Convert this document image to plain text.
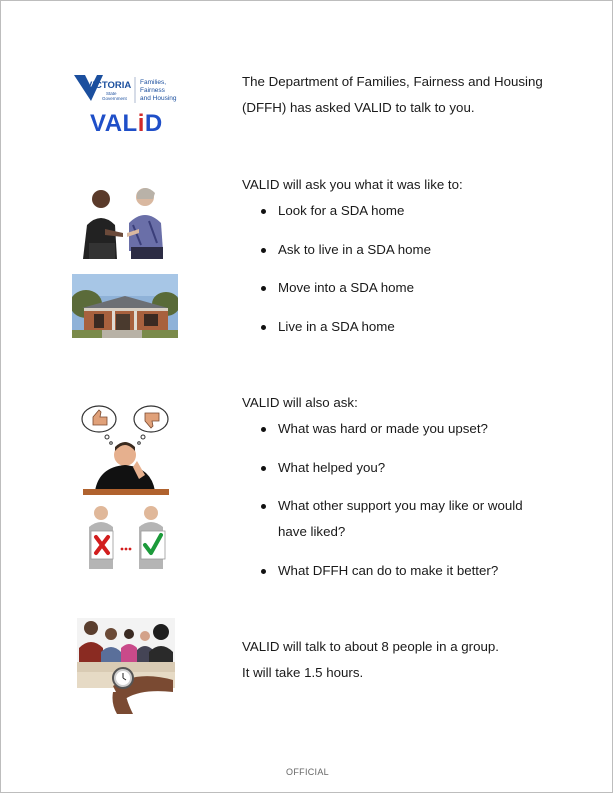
VICTORIA
State
Government
Families,
Fairness
and Housing
VALiD
The Department of Families, Fairness and Housing
(DFFH) has asked VALID to talk to you.
VALID will ask you what it was like to:
Look for a SDA home
Ask to live in a SDA home
Move into a SDA home
Live in a SDA home
VALID will also ask:
What was hard or made you upset?
What helped you?
What other support you may like or would
have liked?
What DFFH can do to make it better?
VALID will talk to about 8 people in a group.
It will take 1.5 hours.
OFFICIAL
